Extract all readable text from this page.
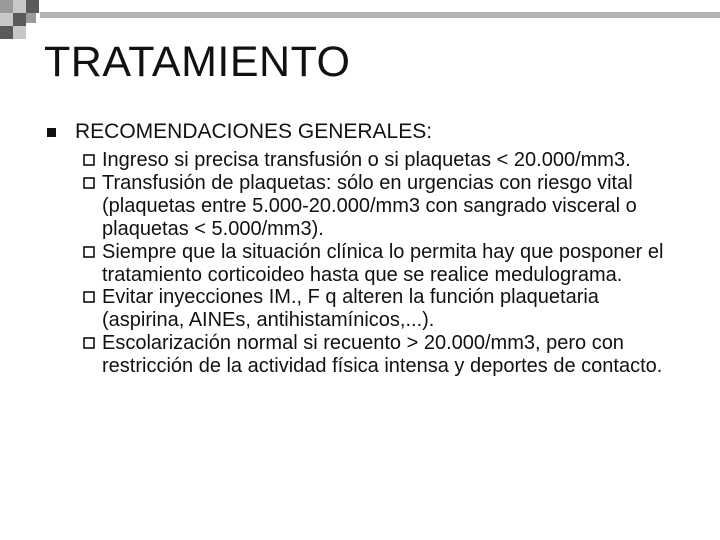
TRATAMIENTO
RECOMENDACIONES GENERALES:
Ingreso si precisa transfusión o si plaquetas < 20.000/mm3.
Transfusión de plaquetas: sólo en urgencias con riesgo vital (plaquetas entre 5.000-20.000/mm3 con sangrado visceral o plaquetas < 5.000/mm3).
Siempre que la situación clínica lo permita hay que posponer el tratamiento corticoideo hasta que se realice medulograma.
Evitar inyecciones IM., F q alteren la función plaquetaria (aspirina, AINEs, antihistamínicos,...).
Escolarización normal si recuento > 20.000/mm3, pero con restricción de la actividad física intensa y deportes de contacto.
